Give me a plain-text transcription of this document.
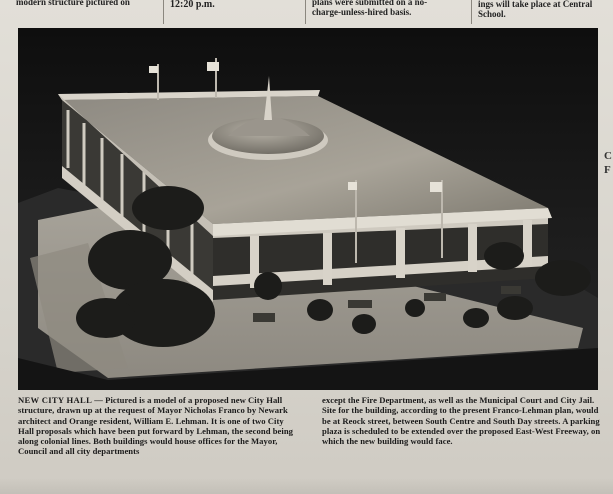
modern structure pictured on	12:20 p.m.	plans were submitted on a no-
charge-unless-hired basis.
ings will take place at Central
School.
C
F
NEW CITY HALL — Pictured is a model of a proposed new City Hall structure, drawn up at the request of Mayor Nicholas Franco by Newark architect and Orange resident, William E. Lehman. It is one of two City Hall proposals which have been put forward by Lehman, the second being along colonial lines. Both buildings would house offices for the Mayor, Council and all city departments
except the Fire Department, as well as the Municipal Court and City Jail. Site for the building, according to the present Franco-Lehman plan, would be at Reock street, between South Centre and South Day streets. A parking plaza is scheduled to be extended over the proposed East-West Freeway, on which the new building would face.
